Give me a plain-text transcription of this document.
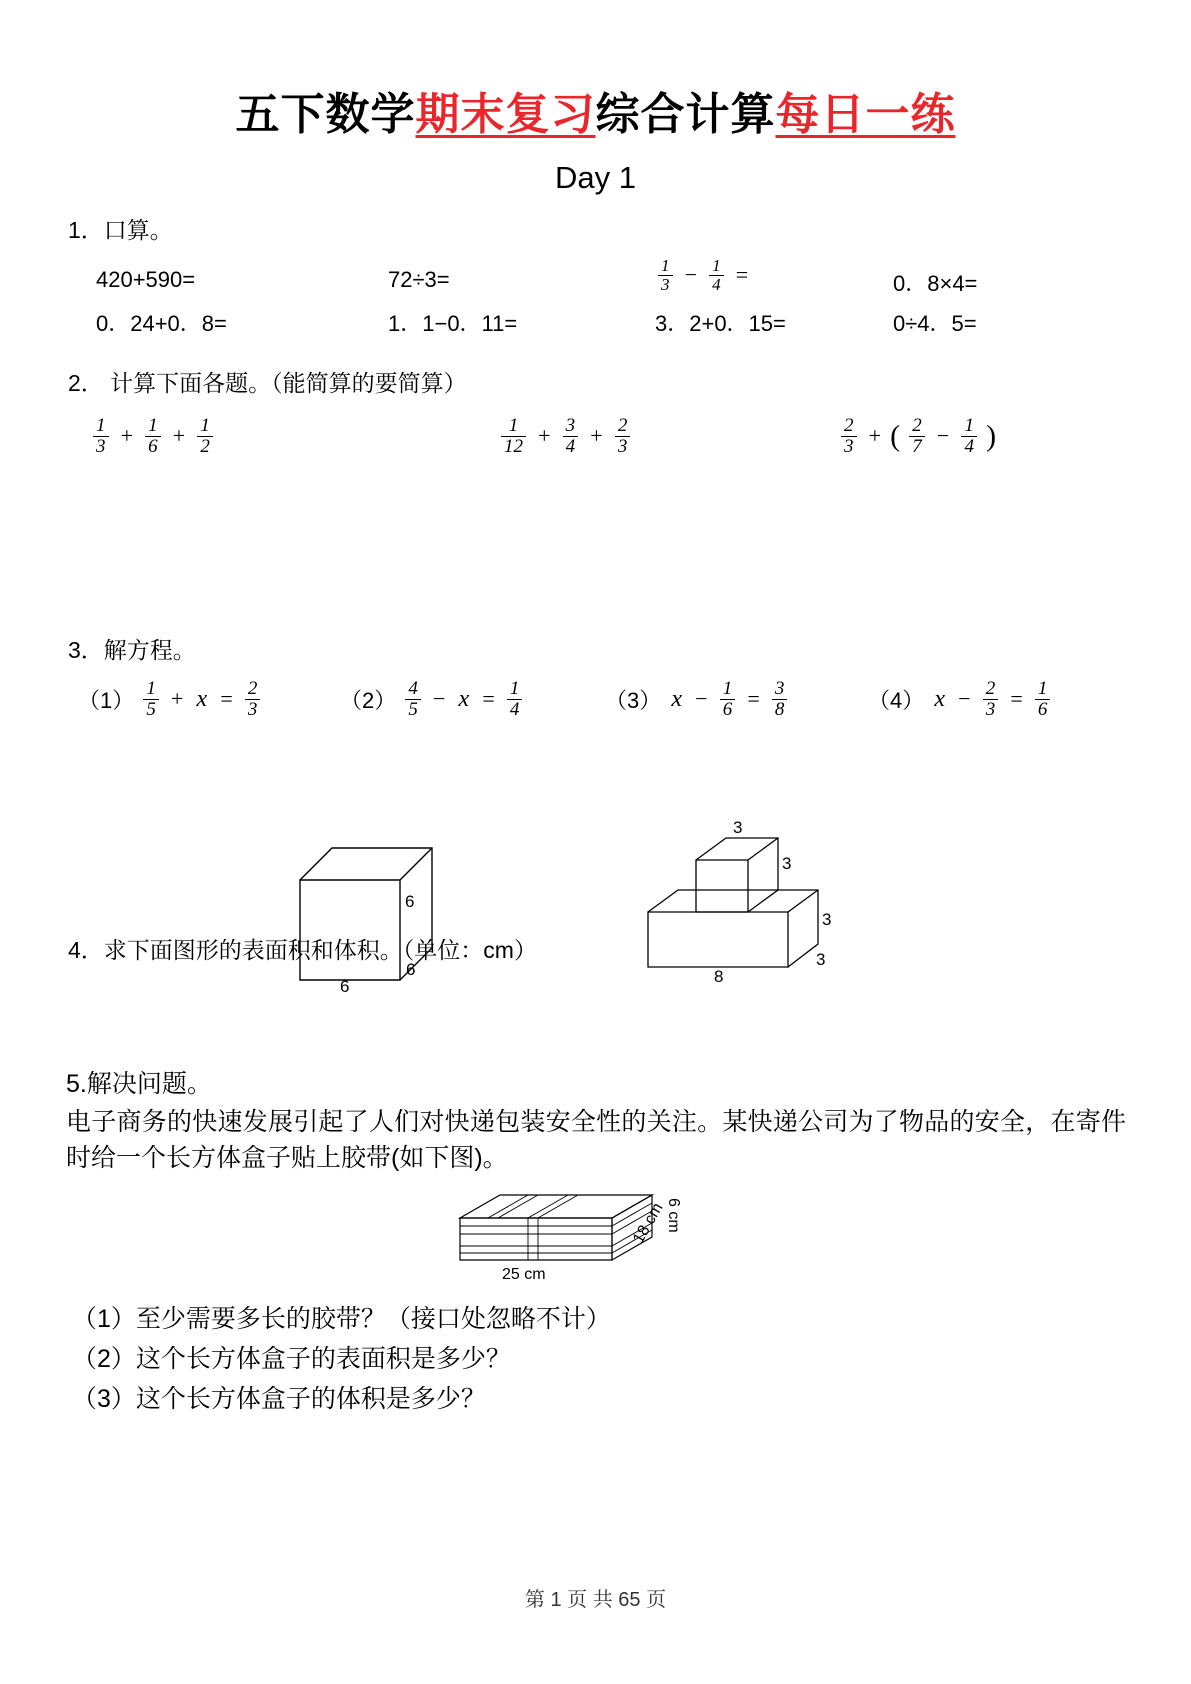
五下数学期末复习综合计算每日一练
Day 1
1．口算。
420+590=	72÷3=	$\frac{1}{3} - \frac{1}{4}$ =	0．8×4=
0．24+0．8=	1．1−0．11=	3．2+0．15=	0÷4．5=
2． 计算下面各题。（能简算的要简算）
$\frac{1}{3} + \frac{1}{6} + \frac{1}{2}$	$\frac{1}{12} + \frac{3}{4} + \frac{2}{3}$	$\frac{2}{3}$ + ( $\frac{2}{7} - \frac{1}{4}$ )
3．解方程。
$(1) \frac{1}{5} + x = \frac{2}{3}$	$(2) \frac{4}{5} - x = \frac{1}{4}$	（3） $x - \frac{1}{6} = \frac{3}{8}$	（4） $x - \frac{2}{3} = \frac{1}{6}$
4．求下面图形的表面积和体积。（单位：cm）
6
6
6
3
3
3
8
3
5.解决问题。
电子商务的快速发展引起了人们对快递包装安全性的关注。某快递公司为了物品的安全，在寄件时给一个长方体盒子贴上胶带(如下图)。
25 cm
18 cm
6 cm
（1）至少需要多长的胶带？（接口处忽略不计）
（2）这个长方体盒子的表面积是多少？
（3）这个长方体盒子的体积是多少？
第 1 页 共 65 页
